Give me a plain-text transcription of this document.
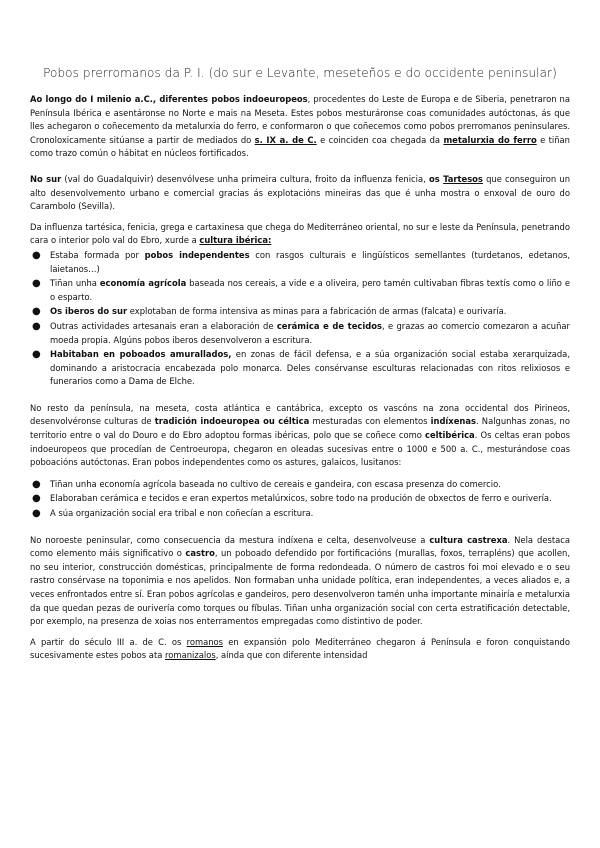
Pobos prerromanos da P. I. (do sur e Levante, meseteños e do occidente peninsular)

Ao longo do I milenio a.C., diferentes pobos indoeuropeos, procedentes do Leste de Europa e de Siberia, penetraron na Península Ibérica e asentáronse no Norte e mais na Meseta. Estes pobos mesturáronse coas comunidades autóctonas, ás que lles achegaron o coñecemento da metalurxia do ferro, e conformaron o que coñecemos como pobos prerromanos peninsulares. Cronoloxicamente sitúanse a partir de mediados do s. IX a. de C. e coinciden coa chegada da metalurxia do ferro e tiñan como trazo común o hábitat en núcleos fortificados.

No sur (val do Guadalquivir) desenvólvese unha primeira cultura, froito da influenza fenicia, os Tartesos que conseguiron un alto desenvolvemento urbano e comercial gracias ás explotacións mineiras das que é unha mostra o enxoval de ouro do Carambolo (Sevilla).

Da influenza tartésica, fenicia, grega e cartaxinesa que chega do Mediterráneo oriental, no sur e leste da Península, penetrando cara o interior polo val do Ebro, xurde a cultura ibérica:

● Estaba formada por pobos independentes con rasgos culturais e lingüísticos semellantes (turdetanos, edetanos, laietanos…)
● Tiñan unha economía agrícola baseada nos cereais, a vide e a oliveira, pero tamén cultivaban fibras textís como o liño e o esparto.
● Os iberos do sur explotaban de forma intensiva as minas para a fabricación de armas (falcata) e ourivaría.
● Outras actividades artesanais eran a elaboración de cerámica e de tecidos, e grazas ao comercio comezaron a acuñar moeda propia. Algúns pobos iberos desenvolveron a escritura.
● Habitaban en poboados amurallados, en zonas de fácil defensa, e a súa organización social estaba xerarquizada, dominando a aristocracia encabezada polo monarca. Deles consérvanse esculturas relacionadas con ritos relixiosos e funerarios como a Dama de Elche.

No resto da península, na meseta, costa atlántica e cantábrica, excepto os vascóns na zona occidental dos Pirineos, desenvolvéronse culturas de tradición indoeuropea ou céltica mesturadas con elementos indíxenas. Nalgunhas zonas, no territorio entre o val do Douro e do Ebro adoptou formas ibéricas, polo que se coñece como celtibérica. Os celtas eran pobos indoeuropeos que procedían de Centroeuropa, chegaron en oleadas sucesivas entre o 1000 e 500 a. C., mesturándose coas poboacións autóctonas. Eran pobos independentes como os astures, galaicos, lusitanos:

● Tiñan unha economía agrícola baseada no cultivo de cereais e gandeira, con escasa presenza do comercio.
● Elaboraban cerámica e tecidos e eran expertos metalúrxicos, sobre todo na produción de obxectos de ferro e ourivería.
● A súa organización social era tribal e non coñecían a escritura.

No noroeste peninsular, como consecuencia da mestura indíxena e celta, desenvolveuse a cultura castrexa. Nela destaca como elemento máis significativo o castro, un poboado defendido por fortificacións (murallas, foxos, terrapléns) que acollen, no seu interior, construcción domésticas, principalmente de forma redondeada. O número de castros foi moi elevado e o seu rastro consérvase na toponimia e nos apelidos. Non formaban unha unidade política, eran independentes, a veces aliados e, a veces enfrontados entre sí. Eran pobos agrícolas e gandeiros, pero desenvolveron tamén unha importante minairía e metalurxia da que quedan pezas de ourivería como torques ou fíbulas. Tiñan unha organización social con certa estratificación detectable, por exemplo, na presenza de xoias nos enterramentos empregadas como distintivo de poder.

A partir do século III a. de C. os romanos en expansión polo Mediterráneo chegaron á Península e foron conquistando sucesivamente estes pobos ata romanizalos, aínda que con diferente intensidad
